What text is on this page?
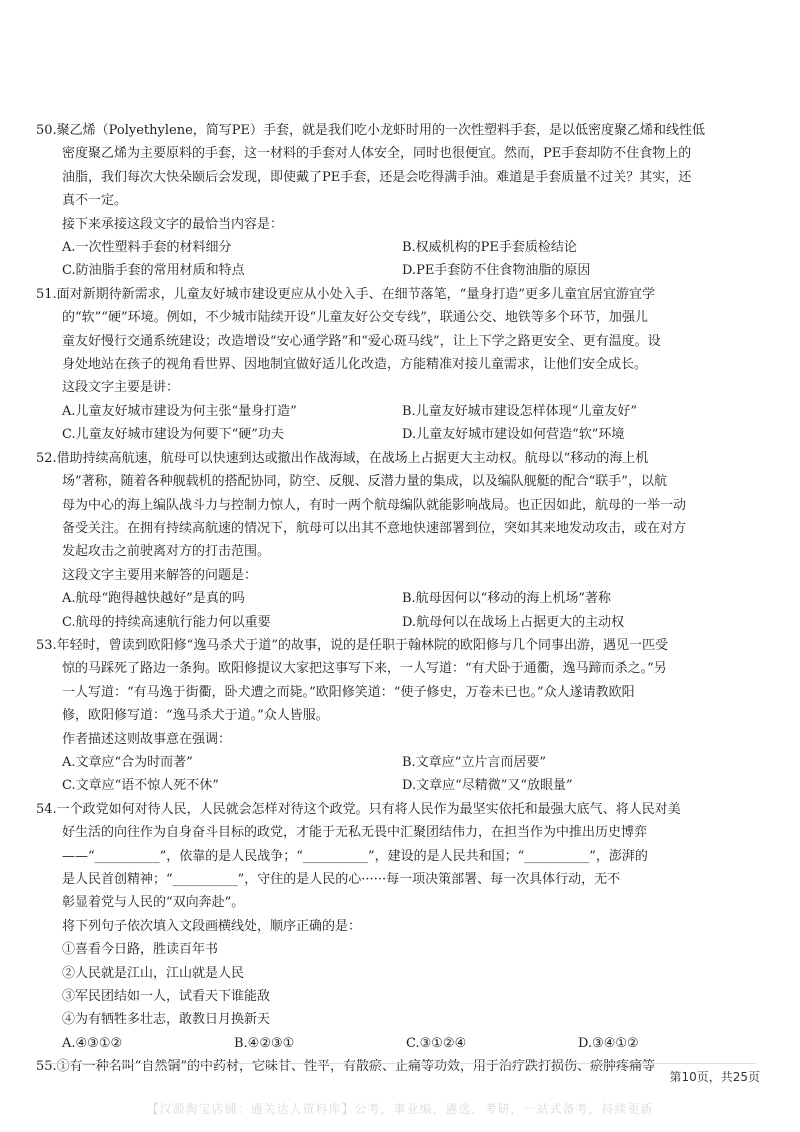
50.聚乙烯（Polyethylene，简写PE）手套，就是我们吃小龙虾时用的一次性塑料手套，是以低密度聚乙烯和线性低
密度聚乙烯为主要原料的手套，这一材料的手套对人体安全，同时也很便宜。然而，PE手套却防不住食物上的
油脂，我们每次大快朵颐后会发现，即使戴了PE手套，还是会吃得满手油。难道是手套质量不过关？其实，还
真不一定。
接下来承接这段文字的最恰当内容是：
A.一次性塑料手套的材料细分	B.权威机构的PE手套质检结论
C.防油脂手套的常用材质和特点	D.PE手套防不住食物油脂的原因
51.面对新期待新需求，儿童友好城市建设更应从小处入手、在细节落笔，“量身打造”更多儿童宜居宜游宜学
的“软”“硬”环境。例如，不少城市陆续开设“儿童友好公交专线”，联通公交、地铁等多个环节，加强儿
童友好慢行交通系统建设；改造增设“安心通学路”和“爱心斑马线”，让上下学之路更安全、更有温度。设
身处地站在孩子的视角看世界、因地制宜做好适儿化改造，方能精准对接儿童需求，让他们安全成长。
这段文字主要是讲：
A.儿童友好城市建设为何主张“量身打造”	B.儿童友好城市建设怎样体现“儿童友好”
C.儿童友好城市建设为何要下“硬”功夫	D.儿童友好城市建设如何营造“软”环境
52.借助持续高航速，航母可以快速到达或撤出作战海域，在战场上占据更大主动权。航母以“移动的海上机
场”著称，随着各种舰载机的搭配协同，防空、反舰、反潜力量的集成，以及编队舰艇的配合“联手”，以航
母为中心的海上编队战斗力与控制力惊人，有时一两个航母编队就能影响战局。也正因如此，航母的一举一动
备受关注。在拥有持续高航速的情况下，航母可以出其不意地快速部署到位，突如其来地发动攻击，或在对方
发起攻击之前驶离对方的打击范围。
这段文字主要用来解答的问题是：
A.航母“跑得越快越好”是真的吗	B.航母因何以“移动的海上机场”著称
C.航母的持续高速航行能力何以重要	D.航母何以在战场上占据更大的主动权
53.年轻时，曾读到欧阳修“逸马杀犬于道”的故事，说的是任职于翰林院的欧阳修与几个同事出游，遇见一匹受
惊的马踩死了路边一条狗。欧阳修提议大家把这事写下来，一人写道：“有犬卧于通衢，逸马蹄而杀之。”另
一人写道：“有马逸于街衢，卧犬遭之而毙。”欧阳修笑道：“使子修史，万卷未已也。”众人遂请教欧阳
修，欧阳修写道：“逸马杀犬于道。”众人皆服。
作者描述这则故事意在强调：
A.文章应“合为时而著”	B.文章应“立片言而居要”
C.文章应“语不惊人死不休”	D.文章应“尽精微”又“放眼量”
54.一个政党如何对待人民，人民就会怎样对待这个政党。只有将人民作为最坚实依托和最强大底气、将人民对美
好生活的向往作为自身奋斗目标的政党，才能于无私无畏中汇聚团结伟力，在担当作为中推出历史博弈
——“__________”，依靠的是人民战争；“__________”，建设的是人民共和国；“__________”，澎湃的
是人民首创精神；“__________”，守住的是人民的心······每一项决策部署、每一次具体行动，无不
彰显着党与人民的“双向奔赴”。
将下列句子依次填入文段画横线处，顺序正确的是：
①喜看今日路，胜读百年书
②人民就是江山，江山就是人民
③军民团结如一人，试看天下谁能敌
④为有牺牲多壮志，敢教日月换新天
A.④③①②	B.④②③①	C.③①②④	D.③④①②
55.①有一种名叫“自然铜”的中药材，它味甘、性平，有散瘀、止痛等功效，用于治疗跌打损伤、瘀肿疼痛等
第10页，共25页
【汉源淘宝店铺：通关达人资料库】公考，事业编，遴选，考研，一站式备考，持续更新
